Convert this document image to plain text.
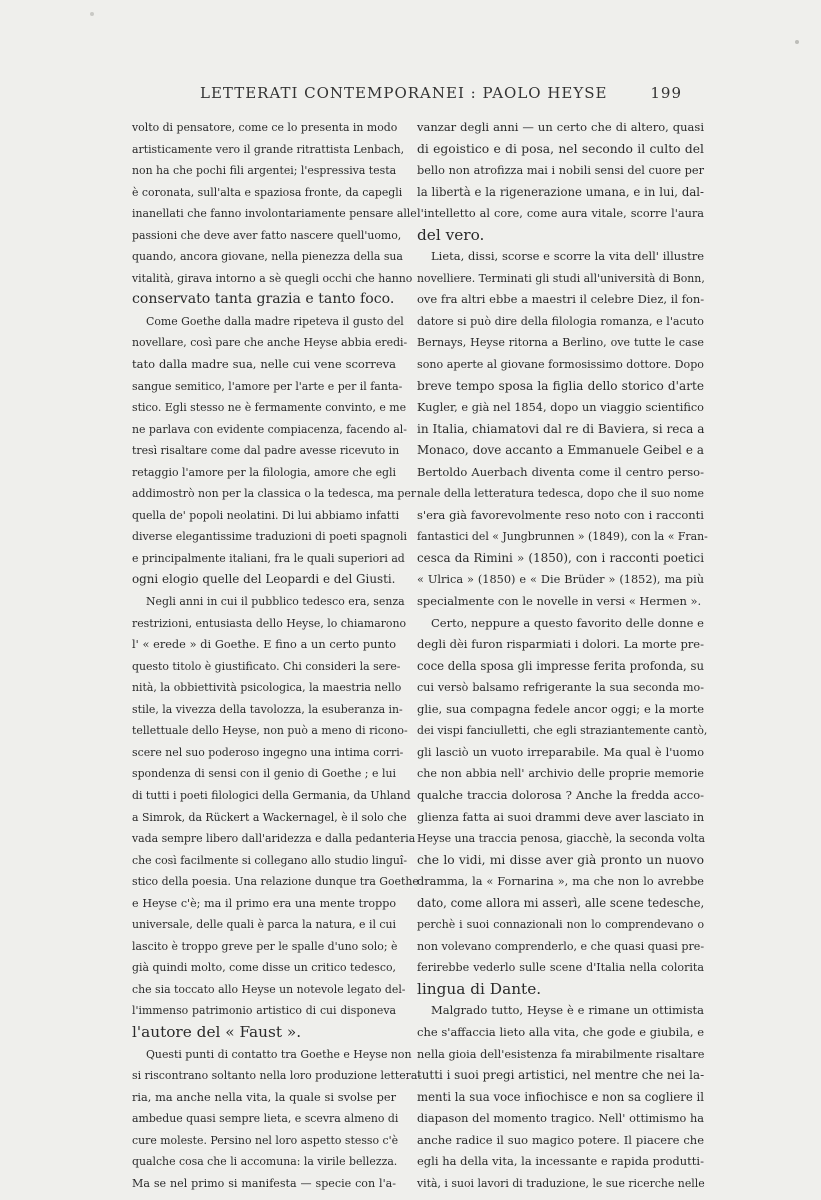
LETTERATI CONTEMPORANEI : PAOLO HEYSE	199
volto di pensatore, come ce lo presenta in modo
artisticamente vero il grande ritrattista Lenbach,
non ha che pochi fili argentei; l'espressiva testa
è coronata, sull'alta e spaziosa fronte, da capegli
inanellati che fanno involontariamente pensare alle
passioni che deve aver fatto nascere quell'uomo,
quando, ancora giovane, nella pienezza della sua
vitalità, girava intorno a sè quegli occhi che hanno
conservato tanta grazia e tanto foco.
Come Goethe dalla madre ripeteva il gusto del
novellare, così pare che anche Heyse abbia eredi-
tato dalla madre sua, nelle cui vene scorreva
sangue semitico, l'amore per l'arte e per il fanta-
stico. Egli stesso ne è fermamente convinto, e me
ne parlava con evidente compiacenza, facendo al-
tresì risaltare come dal padre avesse ricevuto in
retaggio l'amore per la filologia, amore che egli
addimostrò non per la classica o la tedesca, ma per
quella de' popoli neolatini. Di lui abbiamo infatti
diverse elegantissime traduzioni di poeti spagnoli
e principalmente italiani, fra le quali superiori ad
ogni elogio quelle del Leopardi e del Giusti.
Negli anni in cui il pubblico tedesco era, senza
restrizioni, entusiasta dello Heyse, lo chiamarono
l' « erede » di Goethe. E fino a un certo punto
questo titolo è giustificato. Chi consideri la sere-
nità, la obbiettività psicologica, la maestria nello
stile, la vivezza della tavolozza, la esuberanza in-
tellettuale dello Heyse, non può a meno di ricono-
scere nel suo poderoso ingegno una intima corri-
spondenza di sensi con il genio di Goethe ; e lui
di tutti i poeti filologici della Germania, da Uhland
a Simrok, da Rückert a Wackernagel, è il solo che
vada sempre libero dall'aridezza e dalla pedanteria
che così facilmente si collegano allo studio linguî-
stico della poesia. Una relazione dunque tra Goethe
e Heyse c'è; ma il primo era una mente troppo
universale, delle quali è parca la natura, e il cui
lascito è troppo greve per le spalle d'uno solo; è
già quindi molto, come disse un critico tedesco,
che sia toccato allo Heyse un notevole legato del-
l'immenso patrimonio artistico di cui disponeva
l'autore del « Faust ».
Questi punti di contatto tra Goethe e Heyse non
si riscontrano soltanto nella loro produzione lettera-
ria, ma anche nella vita, la quale si svolse per
ambedue quasi sempre lieta, e scevra almeno di
cure moleste. Persino nel loro aspetto stesso c'è
qualche cosa che li accomuna: la virile bellezza.
Ma se nel primo si manifesta — specie con l'a-
vanzar degli anni — un certo che di altero, quasi
di egoistico e di posa, nel secondo il culto del
bello non atrofizza mai i nobili sensi del cuore per
la libertà e la rigenerazione umana, e in lui, dal-
l'intelletto al core, come aura vitale, scorre l'aura
del vero.
Lieta, dissi, scorse e scorre la vita dell' illustre
novelliere. Terminati gli studi all'università di Bonn,
ove fra altri ebbe a maestri il celebre Diez, il fon-
datore si può dire della filologia romanza, e l'acuto
Bernays, Heyse ritorna a Berlino, ove tutte le case
sono aperte al giovane formosissimo dottore. Dopo
breve tempo sposa la figlia dello storico d'arte
Kugler, e già nel 1854, dopo un viaggio scientifico
in Italia, chiamatovi dal re di Baviera, si reca a
Monaco, dove accanto a Emmanuele Geibel e a
Bertoldo Auerbach diventa come il centro perso-
nale della letteratura tedesca, dopo che il suo nome
s'era già favorevolmente reso noto con i racconti
fantastici del « Jungbrunnen » (1849), con la « Fran-
cesca da Rimini » (1850), con i racconti poetici
« Ulrica » (1850) e « Die Brüder » (1852), ma più
specialmente con le novelle in versi « Hermen ».
Certo, neppure a questo favorito delle donne e
degli dèi furon risparmiati i dolori. La morte pre-
coce della sposa gli impresse ferita profonda, su
cui versò balsamo refrigerante la sua seconda mo-
glie, sua compagna fedele ancor oggi; e la morte
dei vispi fanciulletti, che egli straziantemente cantò,
gli lasciò un vuoto irreparabile. Ma qual è l'uomo
che non abbia nell' archivio delle proprie memorie
qualche traccia dolorosa ? Anche la fredda acco-
glienza fatta ai suoi drammi deve aver lasciato in
Heyse una traccia penosa, giacchè, la seconda volta
che lo vidi, mi disse aver già pronto un nuovo
dramma, la « Fornarina », ma che non lo avrebbe
dato, come allora mi asserì, alle scene tedesche,
perchè i suoi connazionali non lo comprendevano o
non volevano comprenderlo, e che quasi quasi pre-
ferirebbe vederlo sulle scene d'Italia nella colorita
lingua di Dante.
Malgrado tutto, Heyse è e rimane un ottimista
che s'affaccia lieto alla vita, che gode e giubila, e
nella gioia dell'esistenza fa mirabilmente risaltare
tutti i suoi pregi artistici, nel mentre che nei la-
menti la sua voce infiochisce e non sa cogliere il
diapason del momento tragico. Nell' ottimismo ha
anche radice il suo magico potere. Il piacere che
egli ha della vita, la incessante e rapida produtti-
vità, i suoi lavori di traduzione, le sue ricerche nelle
